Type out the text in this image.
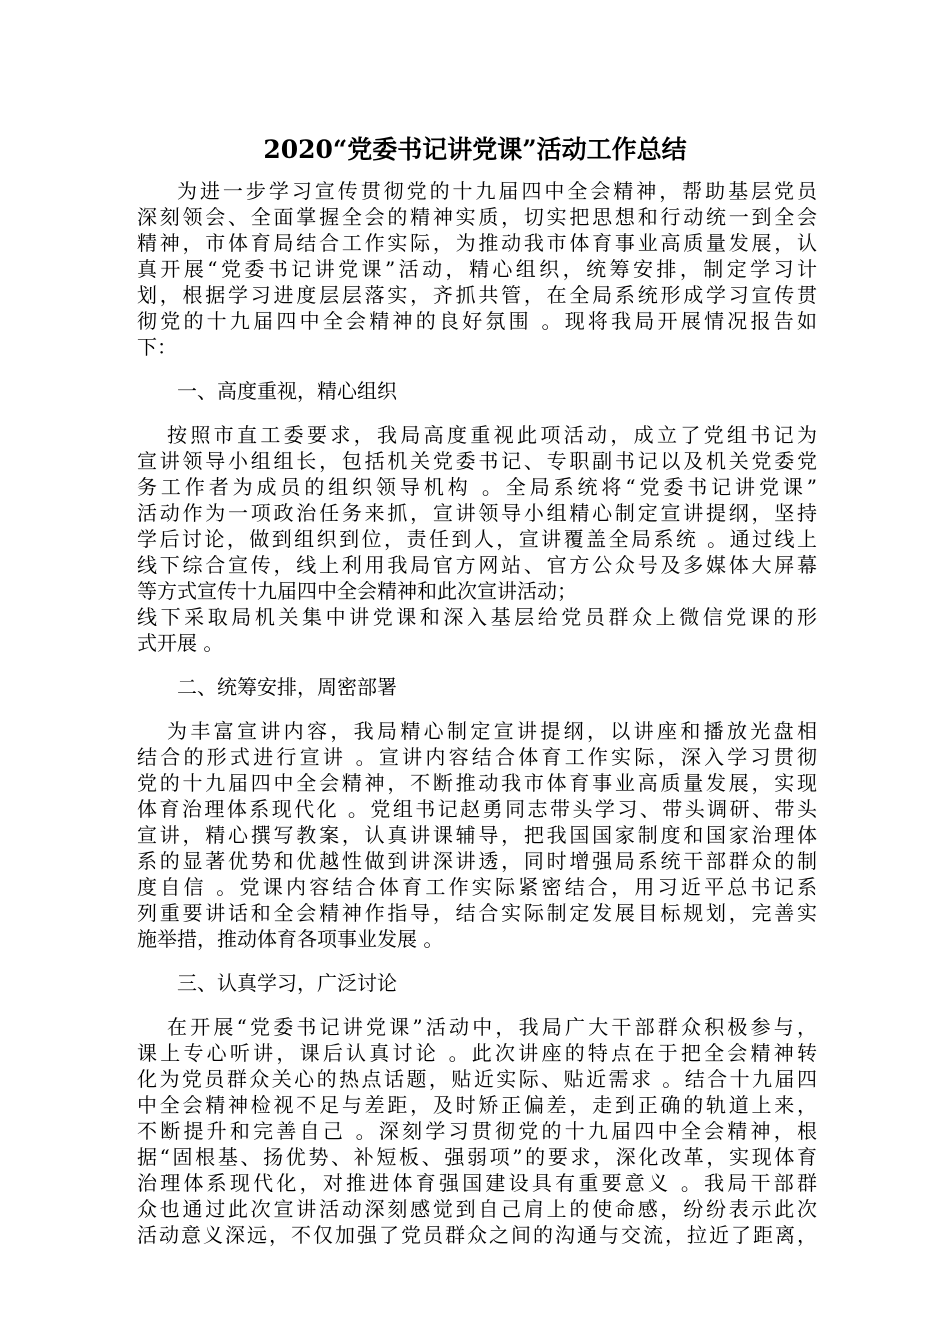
2020“党委书记讲党课”活动工作总结
为进一步学习宣传贯彻党的十九届四中全会精神，帮助基层党员
深刻领会、全面掌握全会的精神实质，切实把思想和行动统一到全会
精神，市体育局结合工作实际，为推动我市体育事业高质量发展，认
真开展“党委书记讲党课”活动，精心组织，统筹安排，制定学习计
划，根据学习进度层层落实，齐抓共管，在全局系统形成学习宣传贯
彻党的十九届四中全会精神的良好氛围 。现将我局开展情况报告如
下：
一、高度重视，精心组织
按照市直工委要求，我局高度重视此项活动，成立了党组书记为
宣讲领导小组组长，包括机关党委书记、专职副书记以及机关党委党
务工作者为成员的组织领导机构 。全局系统将“党委书记讲党课”
活动作为一项政治任务来抓，宣讲领导小组精心制定宣讲提纲，坚持
学后讨论，做到组织到位，责任到人，宣讲覆盖全局系统 。通过线上
线下综合宣传，线上利用我局官方网站、官方公众号及多媒体大屏幕
等方式宣传十九届四中全会精神和此次宣讲活动；
线下采取局机关集中讲党课和深入基层给党员群众上微信党课的形
式开展 。
二、统筹安排，周密部署
为丰富宣讲内容，我局精心制定宣讲提纲，以讲座和播放光盘相
结合的形式进行宣讲 。宣讲内容结合体育工作实际，深入学习贯彻
党的十九届四中全会精神，不断推动我市体育事业高质量发展，实现
体育治理体系现代化 。党组书记赵勇同志带头学习、带头调研、带头
宣讲，精心撰写教案，认真讲课辅导，把我国国家制度和国家治理体
系的显著优势和优越性做到讲深讲透，同时增强局系统干部群众的制
度自信 。党课内容结合体育工作实际紧密结合，用习近平总书记系
列重要讲话和全会精神作指导，结合实际制定发展目标规划，完善实
施举措，推动体育各项事业发展 。
三、认真学习，广泛讨论
在开展“党委书记讲党课”活动中，我局广大干部群众积极参与，
课上专心听讲，课后认真讨论 。此次讲座的特点在于把全会精神转
化为党员群众关心的热点话题，贴近实际、贴近需求 。结合十九届四
中全会精神检视不足与差距，及时矫正偏差，走到正确的轨道上来，
不断提升和完善自己 。深刻学习贯彻党的十九届四中全会精神，根
据“固根基、扬优势、补短板、强弱项”的要求，深化改革，实现体育
治理体系现代化，对推进体育强国建设具有重要意义 。我局干部群
众也通过此次宣讲活动深刻感觉到自己肩上的使命感，纷纷表示此次
活动意义深远，不仅加强了党员群众之间的沟通与交流，拉近了距离，
